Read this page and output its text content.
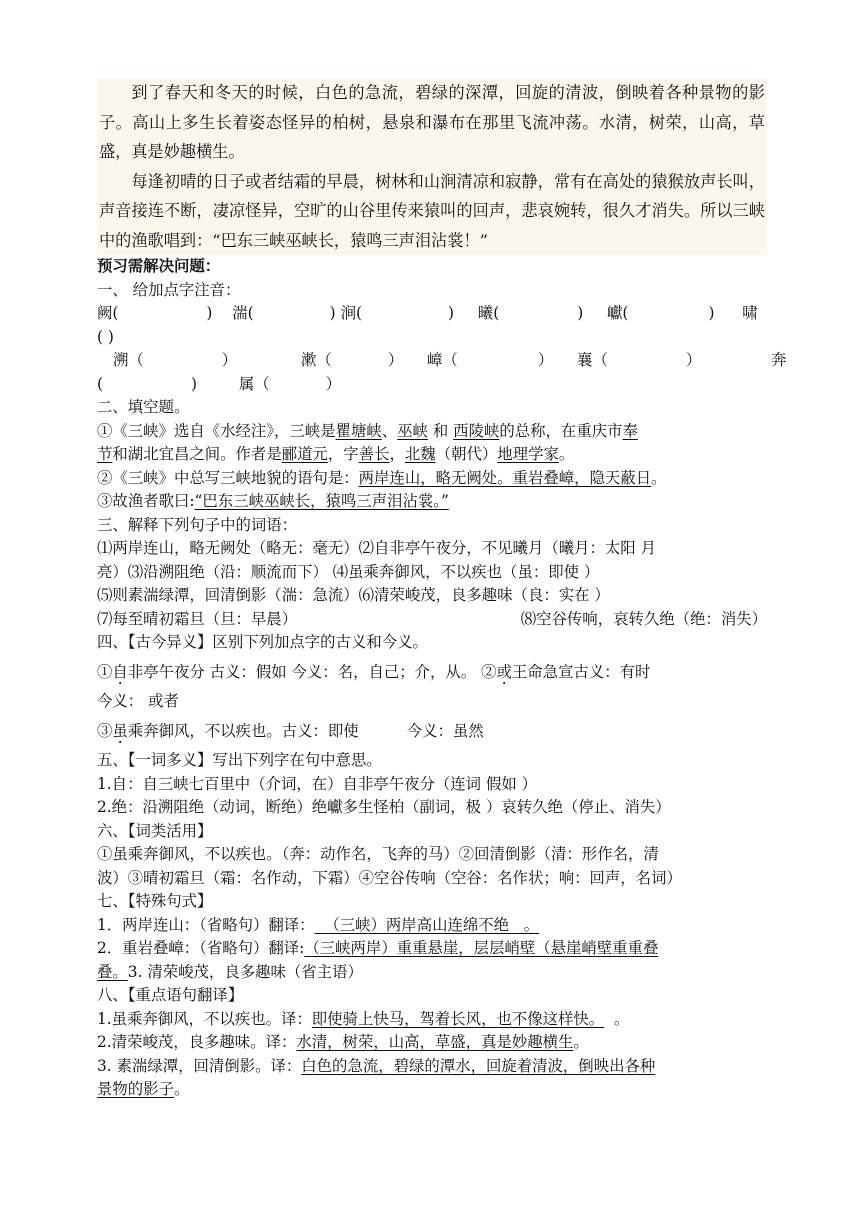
到了春天和冬天的时候，白色的急流，碧绿的深潭，回旋的清波，倒映着各种景物的影子。高山上多生长着姿态怪异的柏树，悬泉和瀑布在那里飞流冲荡。水清，树荣，山高，草盛，真是妙趣横生。

每逢初晴的日子或者结霜的早晨，树林和山涧清凉和寂静，常有在高处的猿猴放声长叫，声音接连不断，凄凉怪异，空旷的山谷里传来猿叫的回声，悲哀婉转，很久才消失。所以三峡中的渔歌唱到：“巴东三峡巫峡长，猿鸣三声泪沾裳！”

预习需解决问题：

一、 给加点字注音：

阙(	) 湍(	) 涧(	) 曦(	) 巘(	) 啸

( )

溯（	）	漱（	） 嶂（	） 襄（	）	奔

(	)	属（	）

二、填空题。

①《三峡》选自《水经注》，三峡是瞿塘峡、巫峡 和 西陵峡的总称，在重庆市奉

节和湖北宜昌之间。作者是郦道元，字善长，北魏（朝代）地理学家。

②《三峡》中总写三峡地貌的语句是：两岸连山，略无阙处。重岩叠嶂，隐天蔽日。

③故渔者歌曰:“巴东三峡巫峡长，猿鸣三声泪沾裳。”

三、解释下列句子中的词语：

⑴两岸连山，略无阙处（略无：毫无）⑵自非亭午夜分，不见曦月（曦月：太阳 月

亮）⑶沿溯阻绝（沿：顺流而下） ⑷虽乘奔御风，不以疾也（虽：即使 ）

⑸则素湍绿潭，回清倒影（湍：急流）⑹清荣峻茂，良多趣味（良：实在 ）

⑺每至晴初霜旦（旦：早晨）	⑻空谷传响，哀转久绝（绝：消失）

四、【古今异义】区别下列加点字的古义和今义。

①自非亭午夜分 古义：假如 今义：名，自己；介，从。 ②或王命急宣古义：有时

今义： 或者

③虽乘奔御风，不以疾也。古义：即使	今义：虽然

五、【一词多义】写出下列字在句中意思。

1.自：自三峡七百里中（介词，在）自非亭午夜分（连词 假如 ）

2.绝：沿溯阻绝（动词，断绝）绝巘多生怪柏（副词，极 ）哀转久绝（停止、消失）

六、【词类活用】

①虽乘奔御风，不以疾也。（奔：动作名，飞奔的马）②回清倒影（清：形作名，清

波）③晴初霜旦（霜：名作动，下霜）④空谷传响（空谷：名作状；响：回声，名词）

七、【特殊句式】

1．两岸连山：（省略句）翻译：  （三峡）两岸高山连绵不绝   。

2．重岩叠嶂：（省略句）翻译:（三峡两岸）重重悬崖，层层峭壁（悬崖峭壁重重叠

叠。3. 清荣峻茂，良多趣味（省主语）

八、【重点语句翻译】

1.虽乘奔御风，不以疾也。译：即使骑上快马，驾着长风，也不像这样快。  。

2.清荣峻茂，良多趣味。译：水清，树荣，山高，草盛，真是妙趣横生。

3. 素湍绿潭，回清倒影。译：白色的急流，碧绿的潭水，回旋着清波，倒映出各种

景物的影子。
